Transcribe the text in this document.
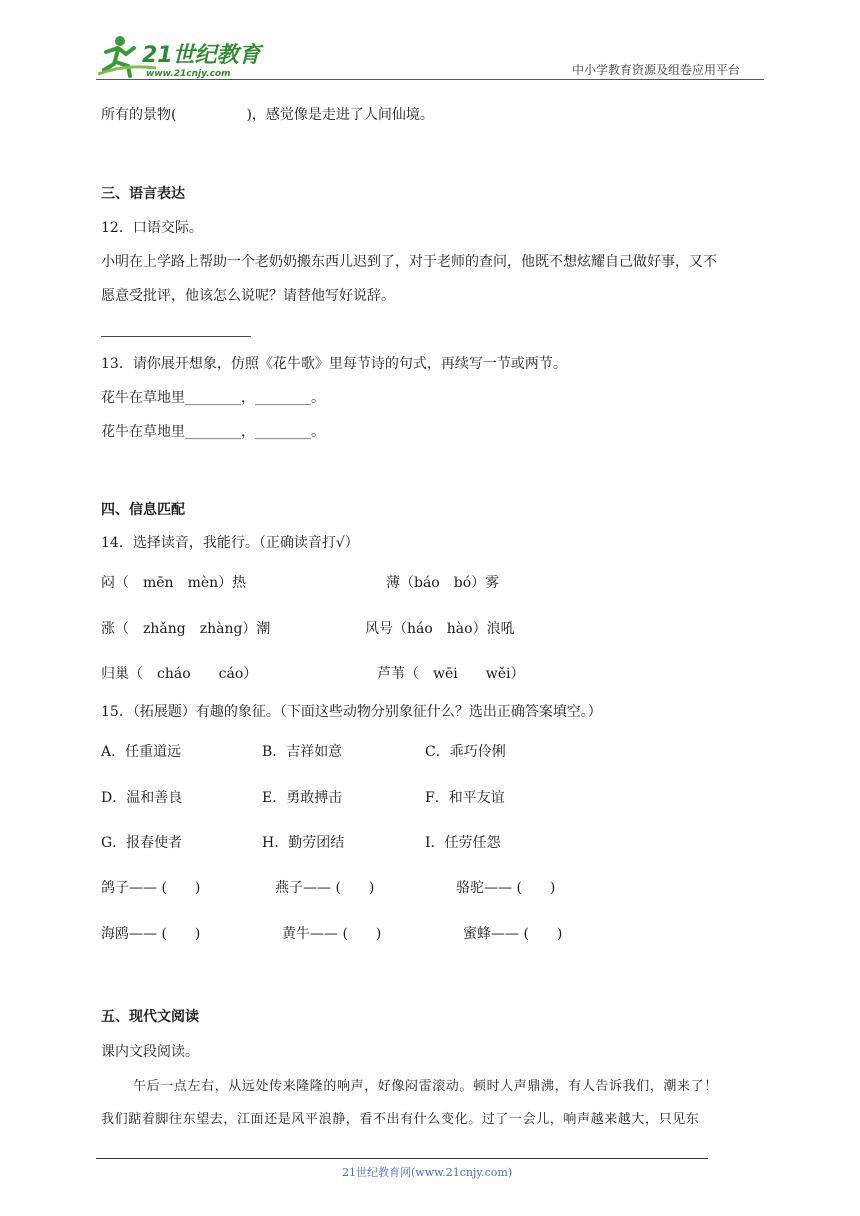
21世纪教育
www.21cnjy.com	中小学教育资源及组卷应用平台
所有的景物(　　　　　)，感觉像是走进了人间仙境。
三、语言表达
12．口语交际。
小明在上学路上帮助一个老奶奶搬东西儿迟到了，对于老师的查问，他既不想炫耀自己做好事，又不
愿意受批评，他该怎么说呢？请替他写好说辞。
13．请你展开想象，仿照《花牛歌》里每节诗的句式，再续写一节或两节。
花牛在草地里________，________。
花牛在草地里________，________。
四、信息匹配
14．选择读音，我能行。（正确读音打√）
闷（　mēn　mèn）热	薄（báo　bó）雾
涨（　zhǎng　zhàng）潮	风号（háo　hào）浪吼
归巢（　cháo　　cáo）	芦苇（　wēi　　wěi）
15．（拓展题）有趣的象征。（下面这些动物分别象征什么？选出正确答案填空。）
A．任重道远	B．吉祥如意	C．乖巧伶俐
D．温和善良	E．勇敢搏击	F．和平友谊
G．报春使者	H．勤劳团结	I．任劳任怨
鸽子—— (　　)	燕子—— (　　)	骆驼—— (　　)
海鸥—— (　　)	黄牛—— (　　)	蜜蜂—— (　　)
五、现代文阅读
课内文段阅读。
午后一点左右，从远处传来隆隆的响声，好像闷雷滚动。顿时人声鼎沸，有人告诉我们，潮来了！
我们踮着脚往东望去，江面还是风平浪静，看不出有什么变化。过了一会儿，响声越来越大，只见东
21世纪教育网(www.21cnjy.com)
